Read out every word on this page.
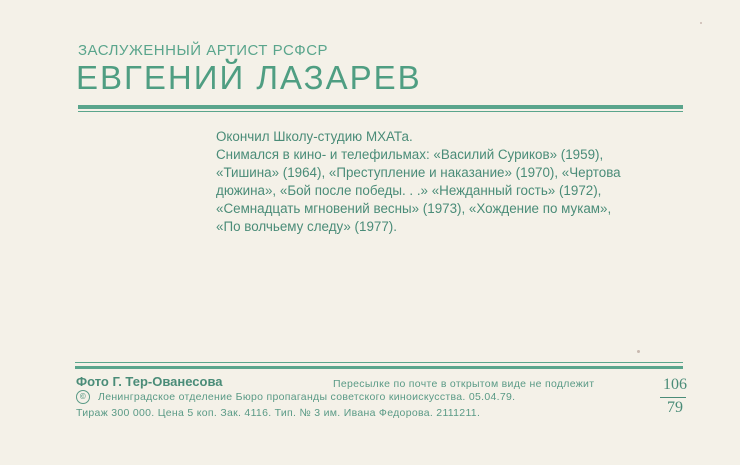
ЗАСЛУЖЕННЫЙ АРТИСТ РСФСР
ЕВГЕНИЙ ЛАЗАРЕВ
Окончил Школу-студию МХАТа.
Снимался в кино- и телефильмах: «Василий Суриков» (1959),
«Тишина» (1964), «Преступление и наказание» (1970), «Чертова
дюжина», «Бой после победы. . .» «Нежданный гость» (1972),
«Семнадцать мгновений весны» (1973), «Хождение по мукам»,
«По волчьему следу» (1977).
Фото Г. Тер-Ованесова	Пересылке по почте в открытом виде не подлежит
© Ленинградское отделение Бюро пропаганды советского киноискусства. 05.04.79.
Тираж 300 000. Цена 5 коп. Зак. 4116. Тип. № 3 им. Ивана Федорова. 2111211.
106
79
